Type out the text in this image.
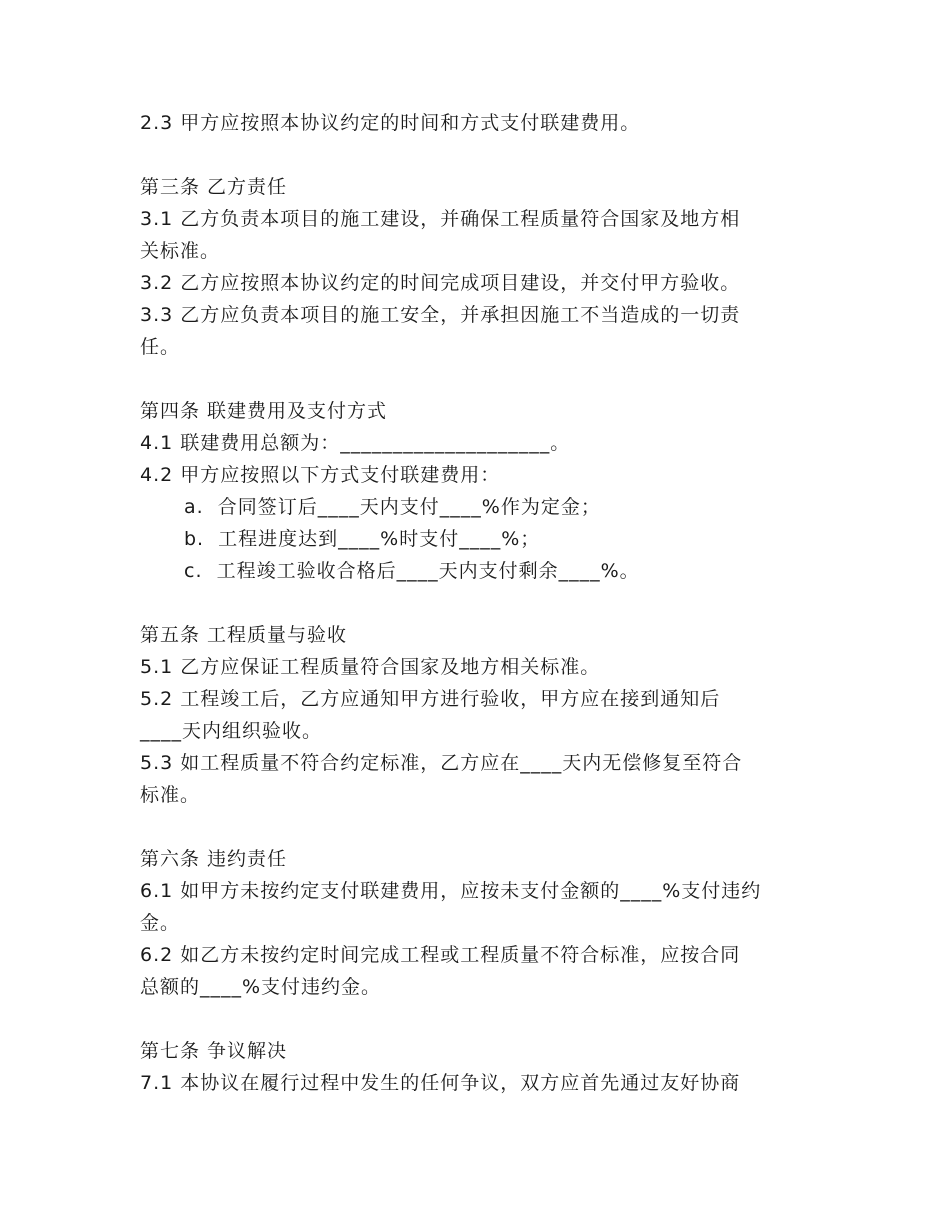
2.3 甲方应按照本协议约定的时间和方式支付联建费用。
第三条 乙方责任
3.1 乙方负责本项目的施工建设，并确保工程质量符合国家及地方相
关标准。
3.2 乙方应按照本协议约定的时间完成项目建设，并交付甲方验收。
3.3 乙方应负责本项目的施工安全，并承担因施工不当造成的一切责
任。
第四条 联建费用及支付方式
4.1 联建费用总额为：____________________。
4.2 甲方应按照以下方式支付联建费用：
a.  合同签订后____天内支付____%作为定金；
b.  工程进度达到____%时支付____%；
c.  工程竣工验收合格后____天内支付剩余____%。
第五条 工程质量与验收
5.1 乙方应保证工程质量符合国家及地方相关标准。
5.2 工程竣工后，乙方应通知甲方进行验收，甲方应在接到通知后
____天内组织验收。
5.3 如工程质量不符合约定标准，乙方应在____天内无偿修复至符合
标准。
第六条 违约责任
6.1 如甲方未按约定支付联建费用，应按未支付金额的____%支付违约
金。
6.2 如乙方未按约定时间完成工程或工程质量不符合标准，应按合同
总额的____%支付违约金。
第七条 争议解决
7.1 本协议在履行过程中发生的任何争议，双方应首先通过友好协商
